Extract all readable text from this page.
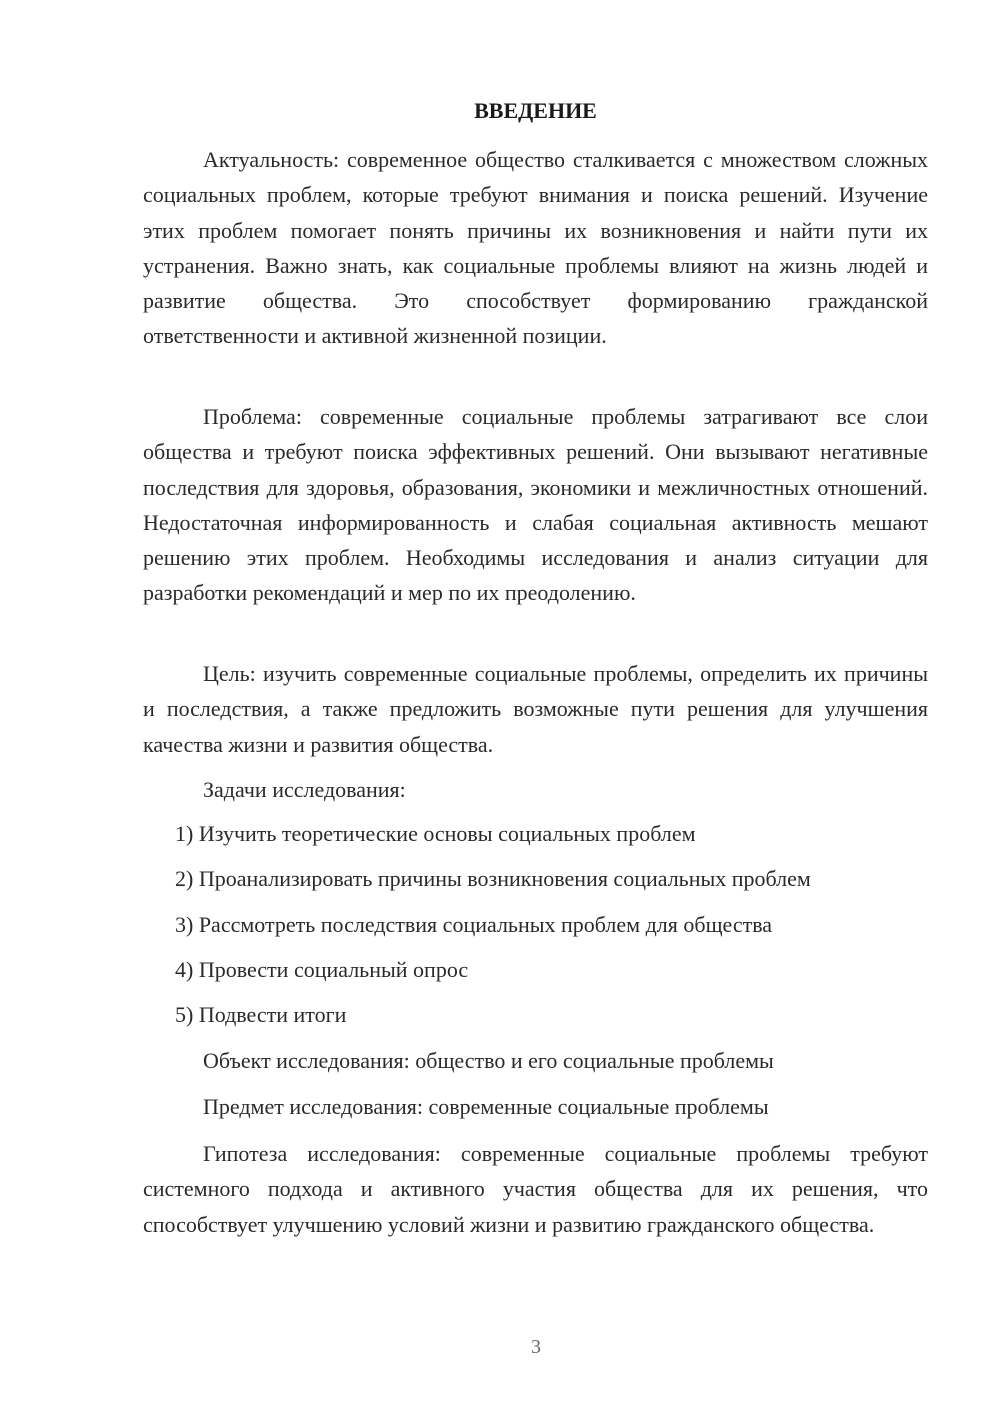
ВВЕДЕНИЕ

Актуальность: современное общество сталкивается с множеством сложных социальных проблем, которые требуют внимания и поиска решений. Изучение этих проблем помогает понять причины их возникновения и найти пути их устранения. Важно знать, как социальные проблемы влияют на жизнь людей и развитие общества. Это способствует формированию гражданской ответственности и активной жизненной позиции.

Проблема: современные социальные проблемы затрагивают все слои общества и требуют поиска эффективных решений. Они вызывают негативные последствия для здоровья, образования, экономики и межличностных отношений. Недостаточная информированность и слабая социальная активность мешают решению этих проблем. Необходимы исследования и анализ ситуации для разработки рекомендаций и мер по их преодолению.

Цель: изучить современные социальные проблемы, определить их причины и последствия, а также предложить возможные пути решения для улучшения качества жизни и развития общества.

Задачи исследования:

1) Изучить теоретические основы социальных проблем
2) Проанализировать причины возникновения социальных проблем
3) Рассмотреть последствия социальных проблем для общества
4) Провести социальный опрос
5) Подвести итоги

Объект исследования: общество и его социальные проблемы

Предмет исследования: современные социальные проблемы

Гипотеза исследования: современные социальные проблемы требуют системного подхода и активного участия общества для их решения, что способствует улучшению условий жизни и развитию гражданского общества.

3
